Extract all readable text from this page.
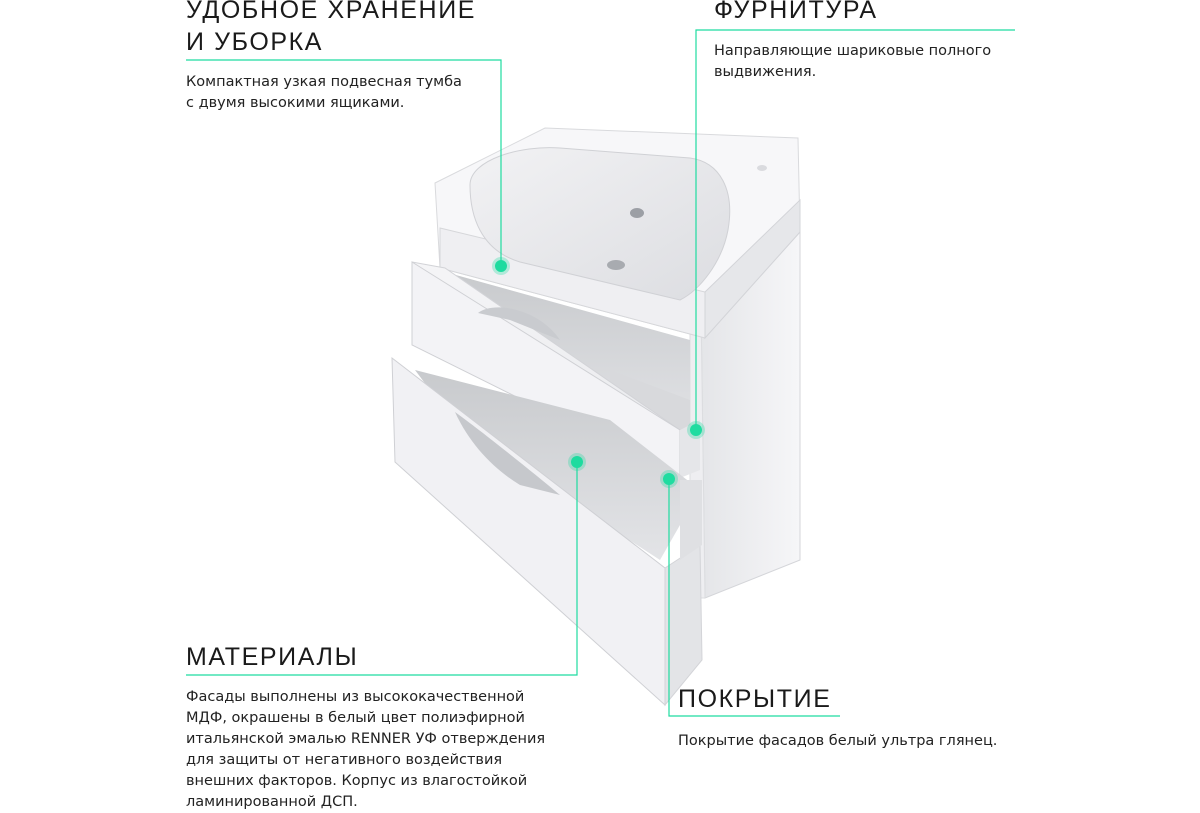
УДОБНОЕ ХРАНЕНИЕ
И УБОРКА

Компактная узкая подвесная тумба
с двумя высокими ящиками.

ФУРНИТУРА

Направляющие шариковые полного
выдвижения.

МАТЕРИАЛЫ

Фасады выполнены из высококачественной
МДФ, окрашены в белый цвет полиэфирной
итальянской эмалью RENNER УФ отверждения
для защиты от негативного воздействия
внешних факторов. Корпус из влагостойкой
ламинированной ДСП.

ПОКРЫТИЕ

Покрытие фасадов белый ультра глянец.
